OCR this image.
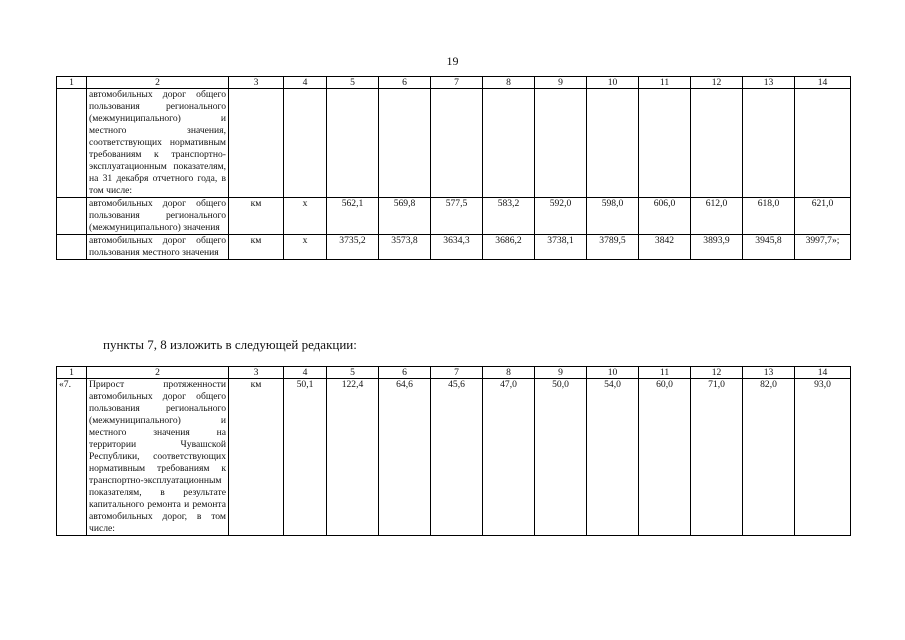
19
1	2	3	4	5	6	7	8	9	10	11	12	13	14
	автомобильных дорог общего пользования регионального (межмуниципального) и местного значения, соответствующих нормативным требованиям к транспортно-эксплуатационным показателям, на 31 декабря отчетного года, в том числе:												
	автомобильных дорог общего пользования регионального (межмуниципального) значения	км	х	562,1	569,8	577,5	583,2	592,0	598,0	606,0	612,0	618,0	621,0
	автомобильных дорог общего пользования местного значения	км	х	3735,2	3573,8	3634,3	3686,2	3738,1	3789,5	3842	3893,9	3945,8	3997,7»;
пункты 7, 8 изложить в следующей редакции:
1	2	3	4	5	6	7	8	9	10	11	12	13	14
«7.	Прирост протяженности автомобильных дорог общего пользования регионального (межмуниципального) и местного значения на территории Чувашской Республики, соответствующих нормативным требованиям к транспортно-эксплуатационным показателям, в результате капитального ремонта и ремонта автомобильных дорог, в том числе:	км	50,1	122,4	64,6	45,6	47,0	50,0	54,0	60,0	71,0	82,0	93,0
